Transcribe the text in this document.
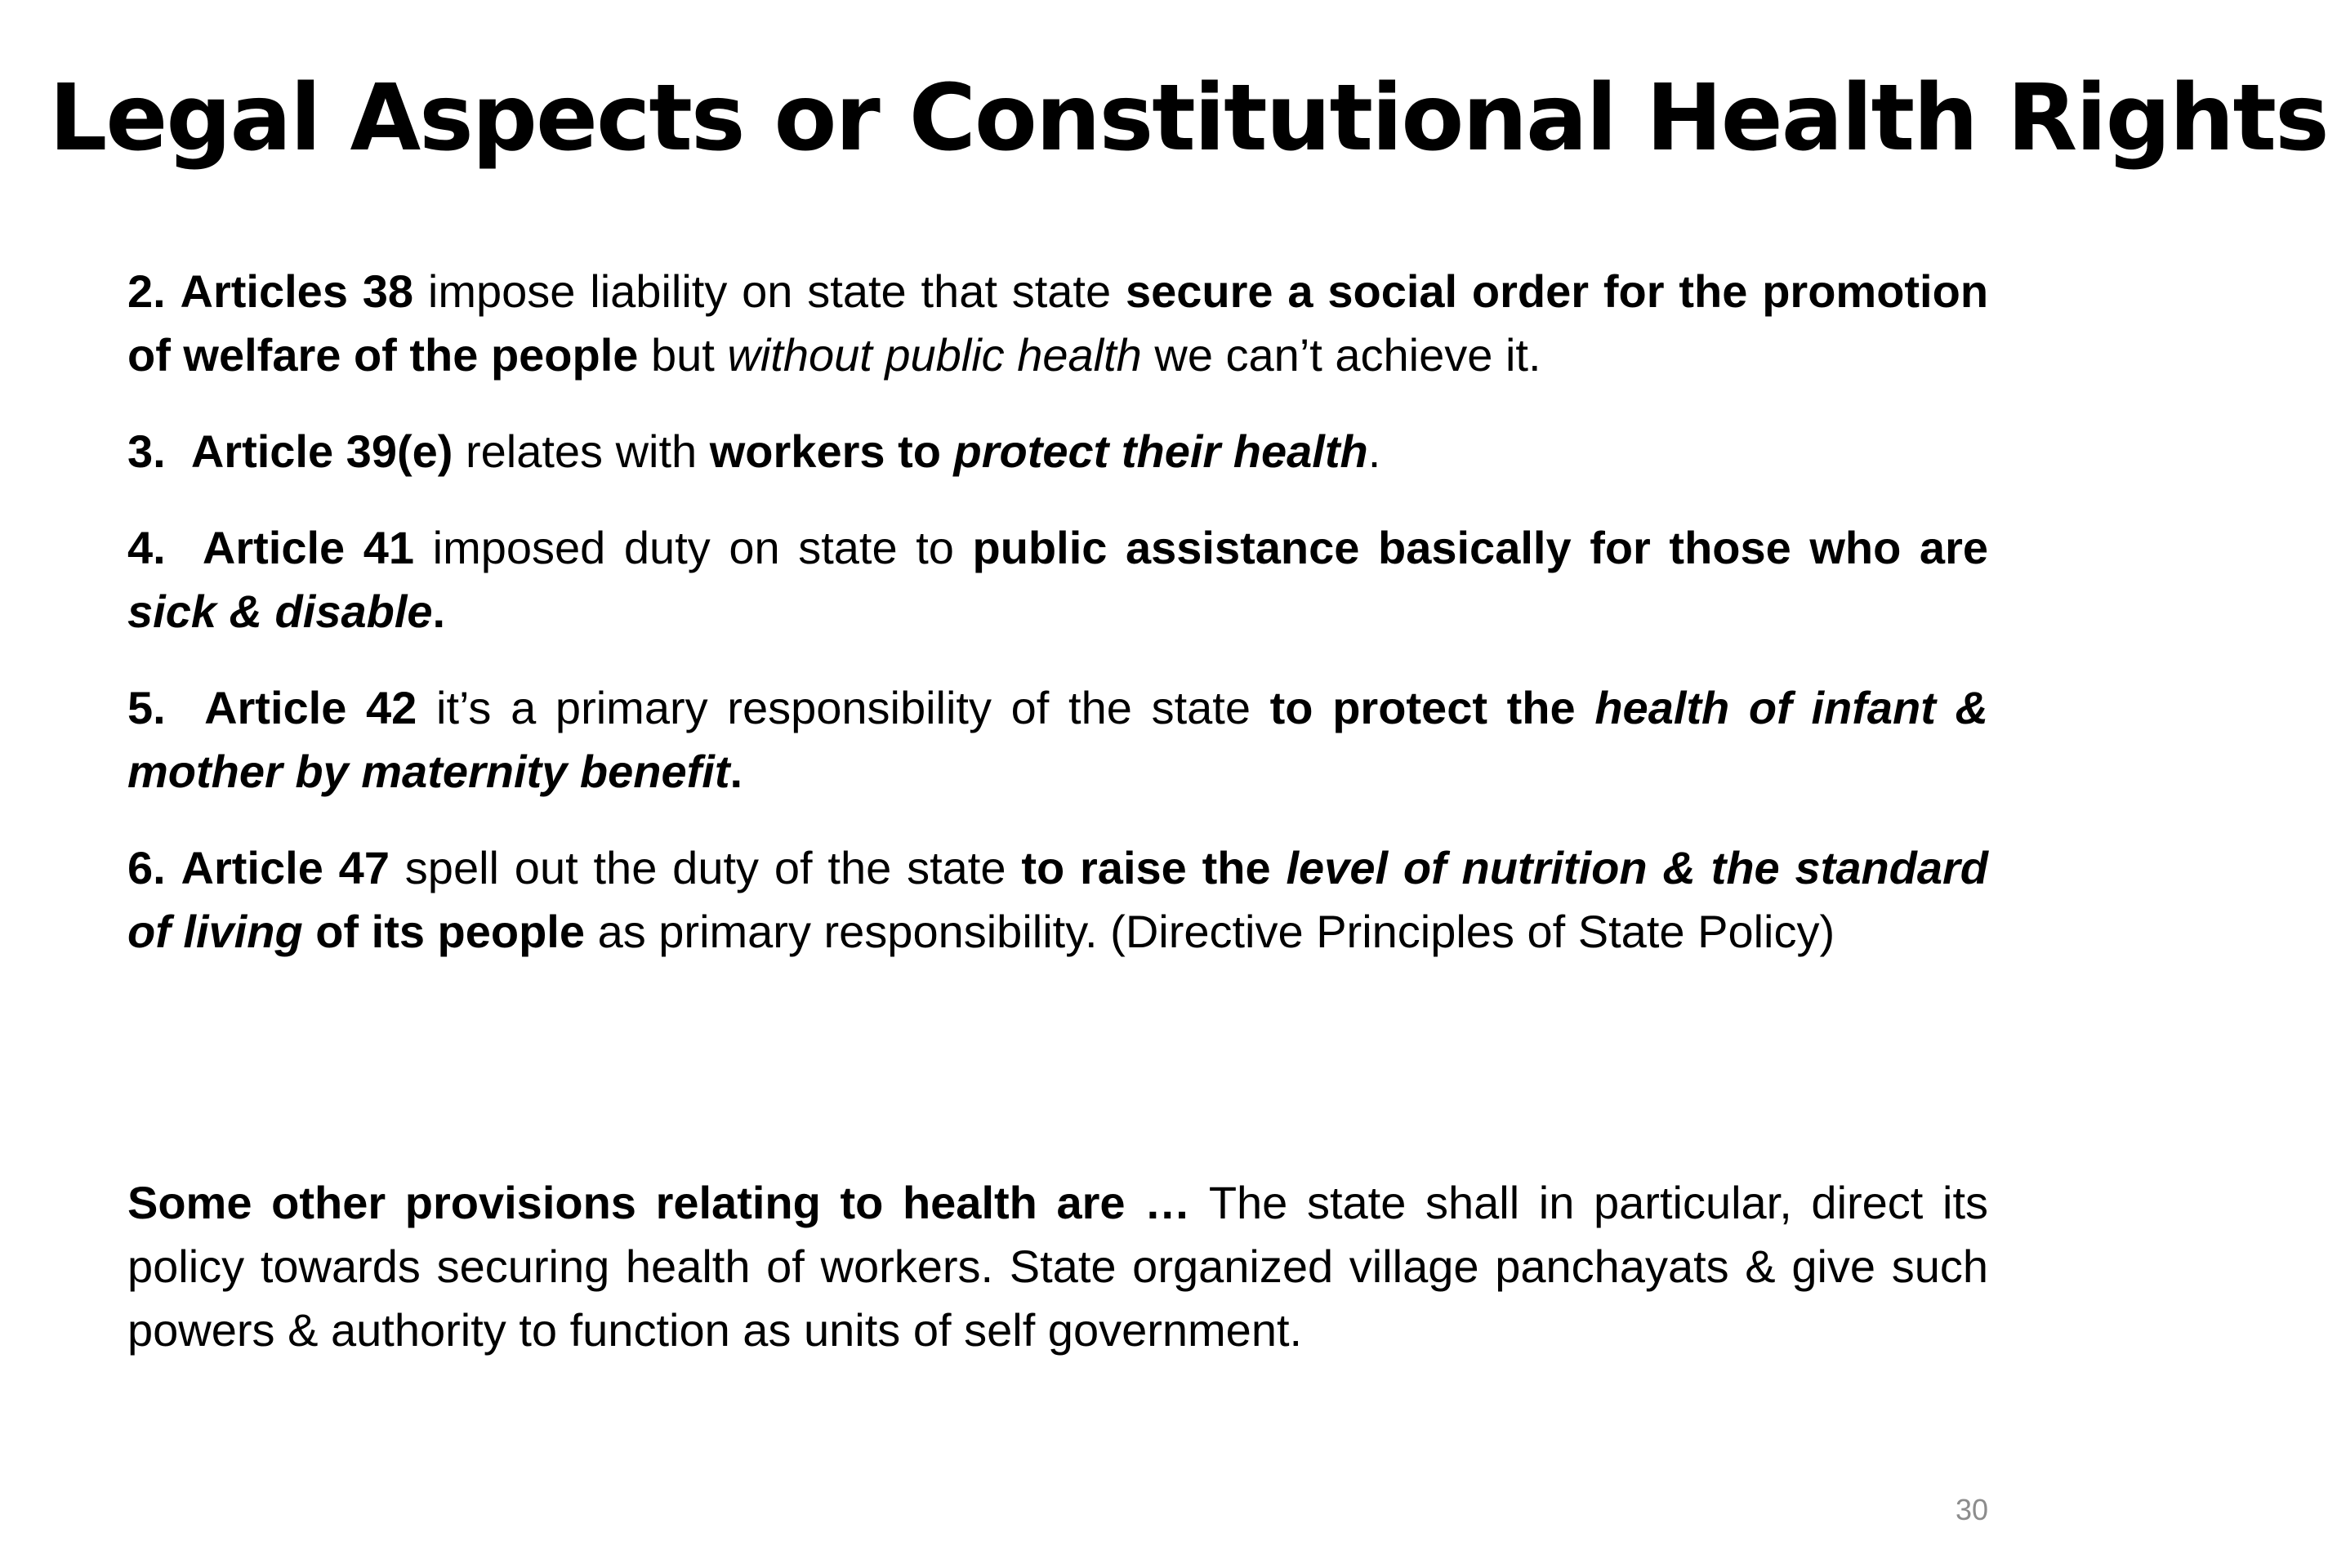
Legal Aspects or Constitutional Health Rights

2. Articles 38 impose liability on state that state secure a social order for the promotion of welfare of the people but without public health we can’t achieve it.

3. Article 39(e) relates with workers to protect their health.

4. Article 41 imposed duty on state to public assistance basically for those who are sick & disable.

5. Article 42 it’s a primary responsibility of the state to protect the health of infant & mother by maternity benefit.

6. Article 47 spell out the duty of the state to raise the level of nutrition & the standard of living of its people as primary responsibility. (Directive Principles of State Policy)

Some other provisions relating to health are … The state shall in particular, direct its policy towards securing health of workers. State organized village panchayats & give such powers & authority to function as units of self government.

30
